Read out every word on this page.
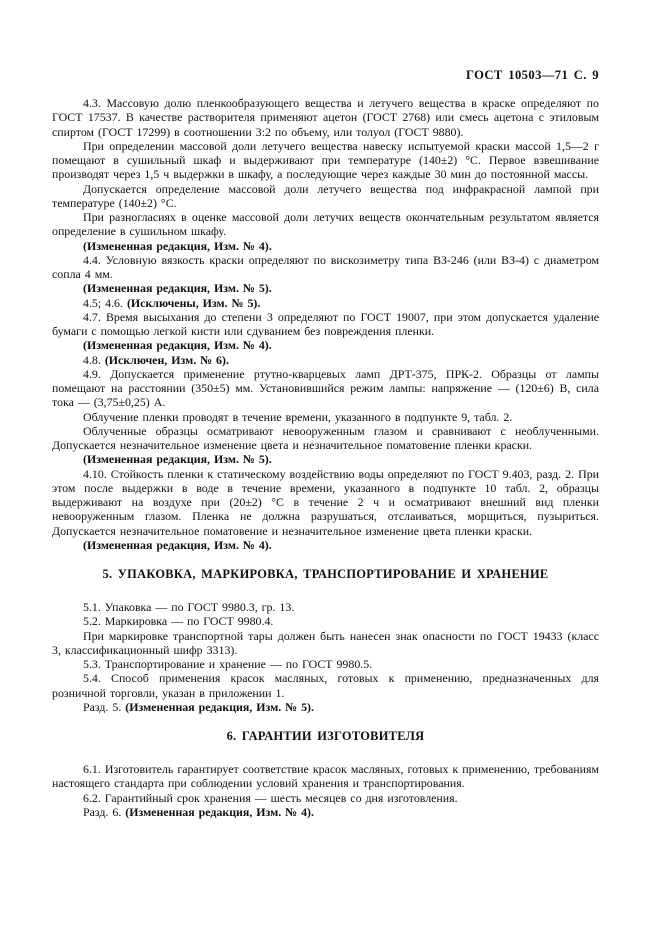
ГОСТ 10503—71 С. 9

4.3. Массовую долю пленкообразующего вещества и летучего вещества в краске определяют по ГОСТ 17537. В качестве растворителя применяют ацетон (ГОСТ 2768) или смесь ацетона с этиловым спиртом (ГОСТ 17299) в соотношении 3:2 по объему, или толуол (ГОСТ 9880).

При определении массовой доли летучего вещества навеску испытуемой краски массой 1,5—2 г помещают в сушильный шкаф и выдерживают при температуре (140±2) °С. Первое взвешивание производят через 1,5 ч выдержки в шкафу, а последующие через каждые 30 мин до постоянной массы.

Допускается определение массовой доли летучего вещества под инфракрасной лампой при температуре (140±2) °С.

При разногласиях в оценке массовой доли летучих веществ окончательным результатом является определение в сушильном шкафу.

(Измененная редакция, Изм. № 4).

4.4. Условную вязкость краски определяют по вискозиметру типа ВЗ-246 (или ВЗ-4) с диаметром сопла 4 мм.

(Измененная редакция, Изм. № 5).

4.5; 4.6. (Исключены, Изм. № 5).

4.7. Время высыхания до степени 3 определяют по ГОСТ 19007, при этом допускается удаление бумаги с помощью легкой кисти или сдуванием без повреждения пленки.

(Измененная редакция, Изм. № 4).

4.8. (Исключен, Изм. № 6).

4.9. Допускается применение ртутно-кварцевых ламп ДРТ-375, ПРК-2. Образцы от лампы помещают на расстоянии (350±5) мм. Установившийся режим лампы: напряжение — (120±6) В, сила тока — (3,75±0,25) А.

Облучение пленки проводят в течение времени, указанного в подпункте 9, табл. 2.

Облученные образцы осматривают невооруженным глазом и сравнивают с необлученными. Допускается незначительное изменение цвета и незначительное поматовение пленки краски.

(Измененная редакция, Изм. № 5).

4.10. Стойкость пленки к статическому воздействию воды определяют по ГОСТ 9.403, разд. 2. При этом после выдержки в воде в течение времени, указанного в подпункте 10 табл. 2, образцы выдерживают на воздухе при (20±2) °С в течение 2 ч и осматривают внешний вид пленки невооруженным глазом. Пленка не должна разрушаться, отслаиваться, морщиться, пузыриться. Допускается незначительное поматовение и незначительное изменение цвета пленки краски.

(Измененная редакция, Изм. № 4).

5. УПАКОВКА, МАРКИРОВКА, ТРАНСПОРТИРОВАНИЕ И ХРАНЕНИЕ

5.1. Упаковка — по ГОСТ 9980.3, гр. 13.

5.2. Маркировка — по ГОСТ 9980.4.

При маркировке транспортной тары должен быть нанесен знак опасности по ГОСТ 19433 (класс 3, классификационный шифр 3313).

5.3. Транспортирование и хранение — по ГОСТ 9980.5.

5.4. Способ применения красок масляных, готовых к применению, предназначенных для розничной торговли, указан в приложении 1.

Разд. 5. (Измененная редакция, Изм. № 5).

6. ГАРАНТИИ ИЗГОТОВИТЕЛЯ

6.1. Изготовитель гарантирует соответствие красок масляных, готовых к применению, требованиям настоящего стандарта при соблюдении условий хранения и транспортирования.

6.2. Гарантийный срок хранения — шесть месяцев со дня изготовления.

Разд. 6. (Измененная редакция, Изм. № 4).
